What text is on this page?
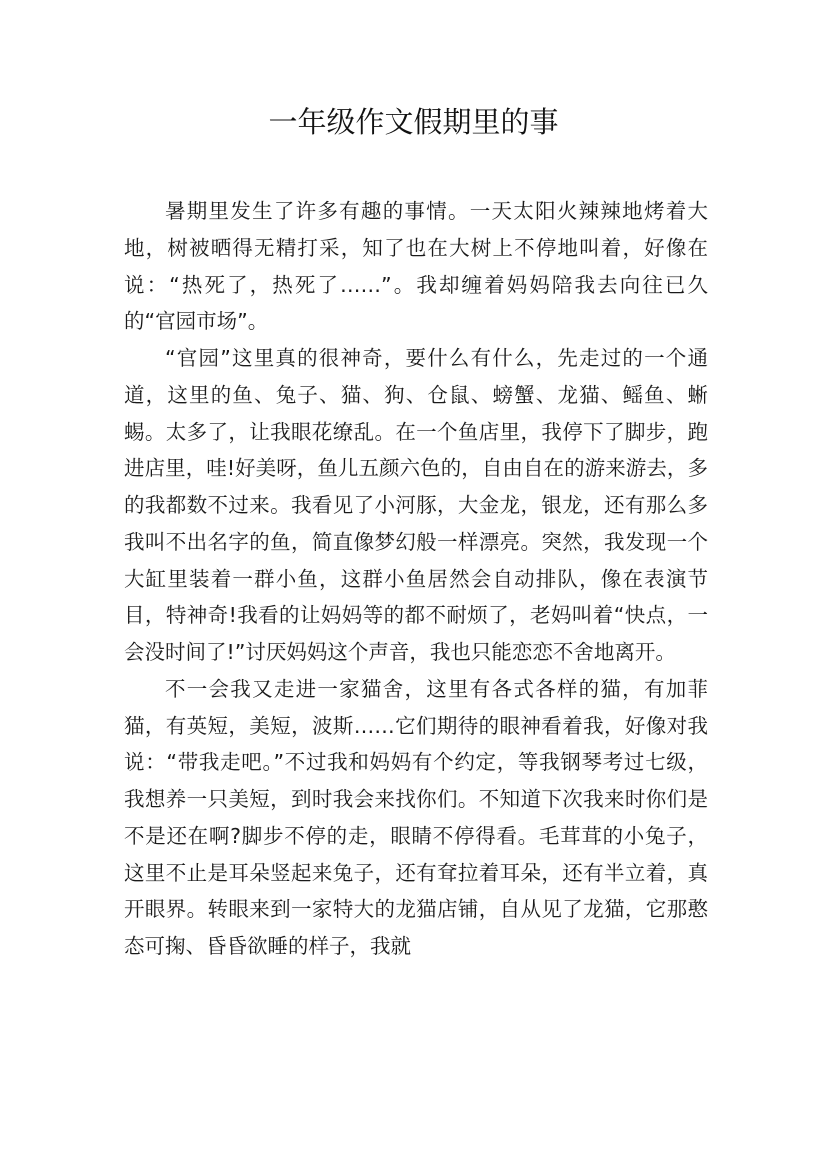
一年级作文假期里的事

暑期里发生了许多有趣的事情。一天太阳火辣辣地烤着大地，树被晒得无精打采，知了也在大树上不停地叫着，好像在说：“热死了，热死了……”。我却缠着妈妈陪我去向往已久的“官园市场”。

“官园”这里真的很神奇，要什么有什么，先走过的一个通道，这里的鱼、兔子、猫、狗、仓鼠、螃蟹、龙猫、鳐鱼、蜥蜴。太多了，让我眼花缭乱。在一个鱼店里，我停下了脚步，跑进店里，哇!好美呀，鱼儿五颜六色的，自由自在的游来游去，多的我都数不过来。我看见了小河豚，大金龙，银龙，还有那么多我叫不出名字的鱼，简直像梦幻般一样漂亮。突然，我发现一个大缸里装着一群小鱼，这群小鱼居然会自动排队，像在表演节目，特神奇!我看的让妈妈等的都不耐烦了，老妈叫着“快点，一会没时间了!”讨厌妈妈这个声音，我也只能恋恋不舍地离开。

不一会我又走进一家猫舍，这里有各式各样的猫，有加菲猫，有英短，美短，波斯……它们期待的眼神看着我，好像对我说：“带我走吧。”不过我和妈妈有个约定，等我钢琴考过七级，我想养一只美短，到时我会来找你们。不知道下次我来时你们是不是还在啊?脚步不停的走，眼睛不停得看。毛茸茸的小兔子，这里不止是耳朵竖起来兔子，还有耷拉着耳朵，还有半立着，真开眼界。转眼来到一家特大的龙猫店铺，自从见了龙猫，它那憨态可掬、昏昏欲睡的样子，我就
